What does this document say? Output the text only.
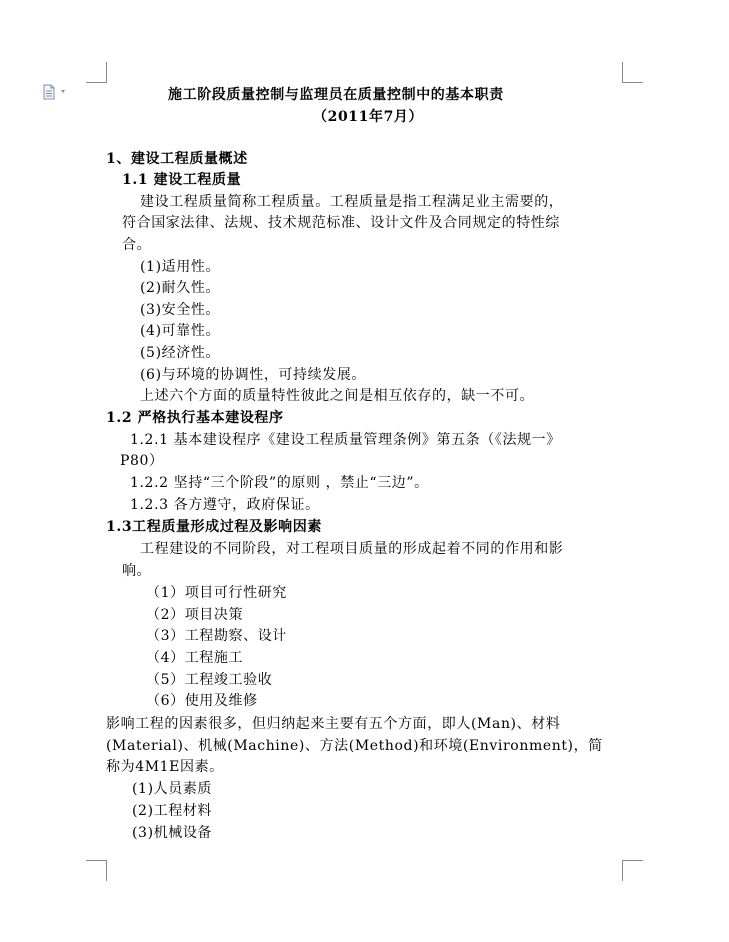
施工阶段质量控制与监理员在质量控制中的基本职责
（2011年7月）
1、建设工程质量概述
1.1 建设工程质量
建设工程质量简称工程质量。工程质量是指工程满足业主需要的，
符合国家法律、法规、技术规范标准、设计文件及合同规定的特性综
合。
(1)适用性。
(2)耐久性。
(3)安全性。
(4)可靠性。
(5)经济性。
(6)与环境的协调性，可持续发展。
上述六个方面的质量特性彼此之间是相互依存的，缺一不可。
1.2 严格执行基本建设程序
1.2.1 基本建设程序《建设工程质量管理条例》第五条（《法规一》
P80）
1.2.2 坚持“三个阶段”的原则 ，禁止“三边”。
1.2.3 各方遵守，政府保证。
1.3工程质量形成过程及影响因素
工程建设的不同阶段，对工程项目质量的形成起着不同的作用和影
响。
（1）项目可行性研究
（2）项目决策
（3）工程勘察、设计
（4）工程施工
（5）工程竣工验收
（6）使用及维修
影响工程的因素很多，但归纳起来主要有五个方面，即人(Man)、材料
(Material)、机械(Machine)、方法(Method)和环境(Environment)，简
称为4M1E因素。
(1)人员素质
(2)工程材料
(3)机械设备
